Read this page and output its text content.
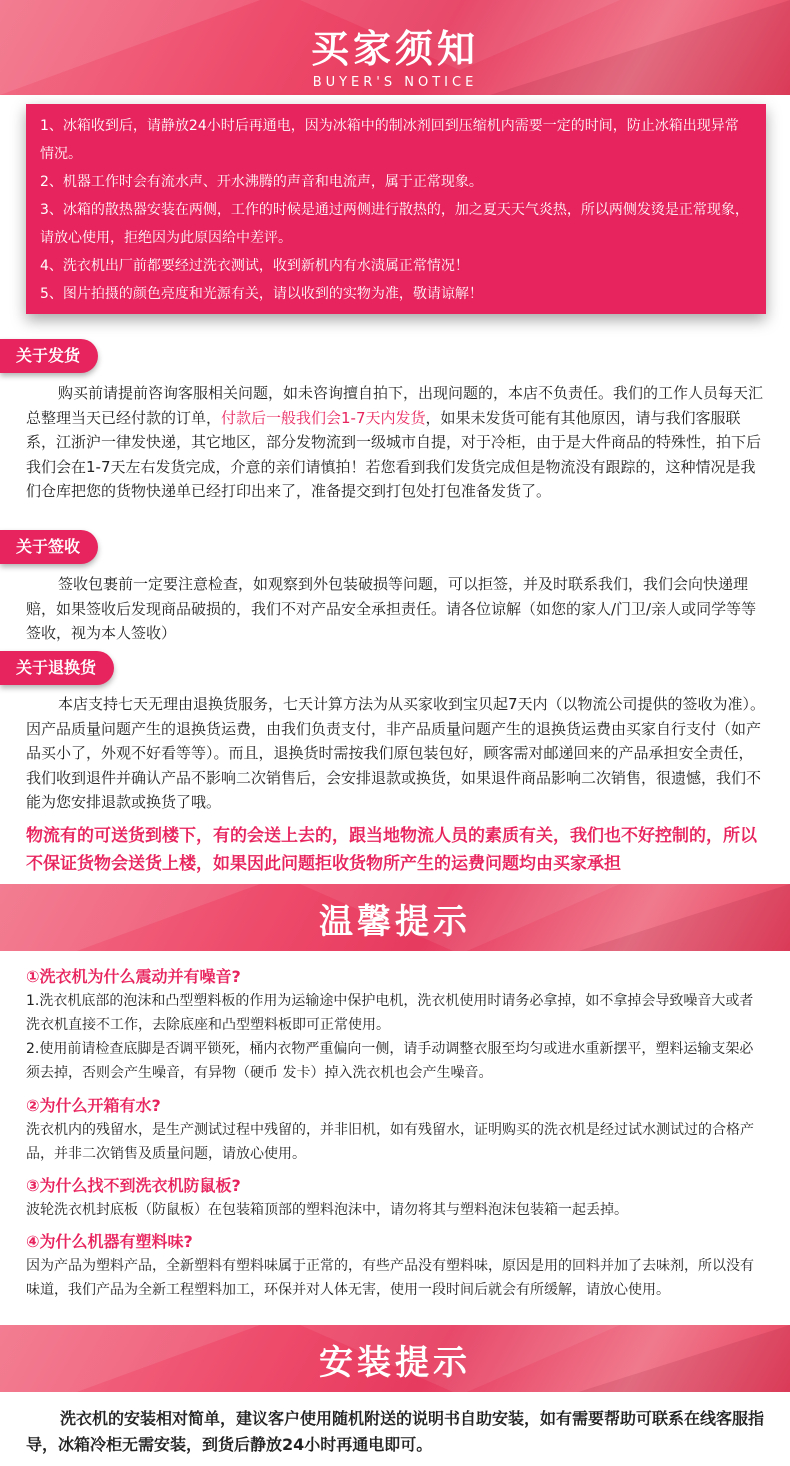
买家须知
BUYER'S NOTICE
1、冰箱收到后，请静放24小时后再通电，因为冰箱中的制冰剂回到压缩机内需要一定的时间，防止冰箱出现异常情况。
2、机器工作时会有流水声、开水沸腾的声音和电流声，属于正常现象。
3、冰箱的散热器安装在两侧，工作的时候是通过两侧进行散热的，加之夏天天气炎热，所以两侧发烫是正常现象，请放心使用，拒绝因为此原因给中差评。
4、洗衣机出厂前都要经过洗衣测试，收到新机内有水渍属正常情况！
5、图片拍摄的颜色亮度和光源有关，请以收到的实物为准，敬请谅解！
关于发货
购买前请提前咨询客服相关问题，如未咨询擅自拍下，出现问题的，本店不负责任。我们的工作人员每天汇总整理当天已经付款的订单，付款后一般我们会1-7天内发货，如果未发货可能有其他原因，请与我们客服联系，江浙沪一律发快递，其它地区，部分发物流到一级城市自提，对于冷柜，由于是大件商品的特殊性，拍下后我们会在1-7天左右发货完成，介意的亲们请慎拍！若您看到我们发货完成但是物流没有跟踪的，这种情况是我们仓库把您的货物快递单已经打印出来了，准备提交到打包处打包准备发货了。
关于签收
签收包裹前一定要注意检查，如观察到外包装破损等问题，可以拒签，并及时联系我们，我们会向快递理赔，如果签收后发现商品破损的，我们不对产品安全承担责任。请各位谅解（如您的家人/门卫/亲人或同学等等签收，视为本人签收）
关于退换货
本店支持七天无理由退换货服务，七天计算方法为从买家收到宝贝起7天内（以物流公司提供的签收为准）。因产品质量问题产生的退换货运费，由我们负责支付，非产品质量问题产生的退换货运费由买家自行支付（如产品买小了，外观不好看等等）。而且，退换货时需按我们原包装包好，顾客需对邮递回来的产品承担安全责任，我们收到退件并确认产品不影响二次销售后，会安排退款或换货，如果退件商品影响二次销售，很遗憾，我们不能为您安排退款或换货了哦。
物流有的可送货到楼下，有的会送上去的，跟当地物流人员的素质有关，我们也不好控制的，所以不保证货物会送货上楼，如果因此问题拒收货物所产生的运费问题均由买家承担
温馨提示
①洗衣机为什么震动并有噪音?
1.洗衣机底部的泡沫和凸型塑料板的作用为运输途中保护电机，洗衣机使用时请务必拿掉，如不拿掉会导致噪音大或者洗衣机直接不工作，去除底座和凸型塑料板即可正常使用。
2.使用前请检查底脚是否调平锁死，桶内衣物严重偏向一侧，请手动调整衣服至均匀或进水重新摆平，塑料运输支架必须去掉，否则会产生噪音，有异物（硬币 发卡）掉入洗衣机也会产生噪音。
②为什么开箱有水?
洗衣机内的残留水，是生产测试过程中残留的，并非旧机，如有残留水，证明购买的洗衣机是经过试水测试过的合格产品，并非二次销售及质量问题，请放心使用。
③为什么找不到洗衣机防鼠板?
波轮洗衣机封底板（防鼠板）在包装箱顶部的塑料泡沫中，请勿将其与塑料泡沫包装箱一起丢掉。
④为什么机器有塑料味?
因为产品为塑料产品，全新塑料有塑料味属于正常的，有些产品没有塑料味，原因是用的回料并加了去味剂，所以没有味道，我们产品为全新工程塑料加工，环保并对人体无害，使用一段时间后就会有所缓解，请放心使用。
安装提示
洗衣机的安装相对简单，建议客户使用随机附送的说明书自助安装，如有需要帮助可联系在线客服指导，冰箱冷柜无需安装，到货后静放24小时再通电即可。
